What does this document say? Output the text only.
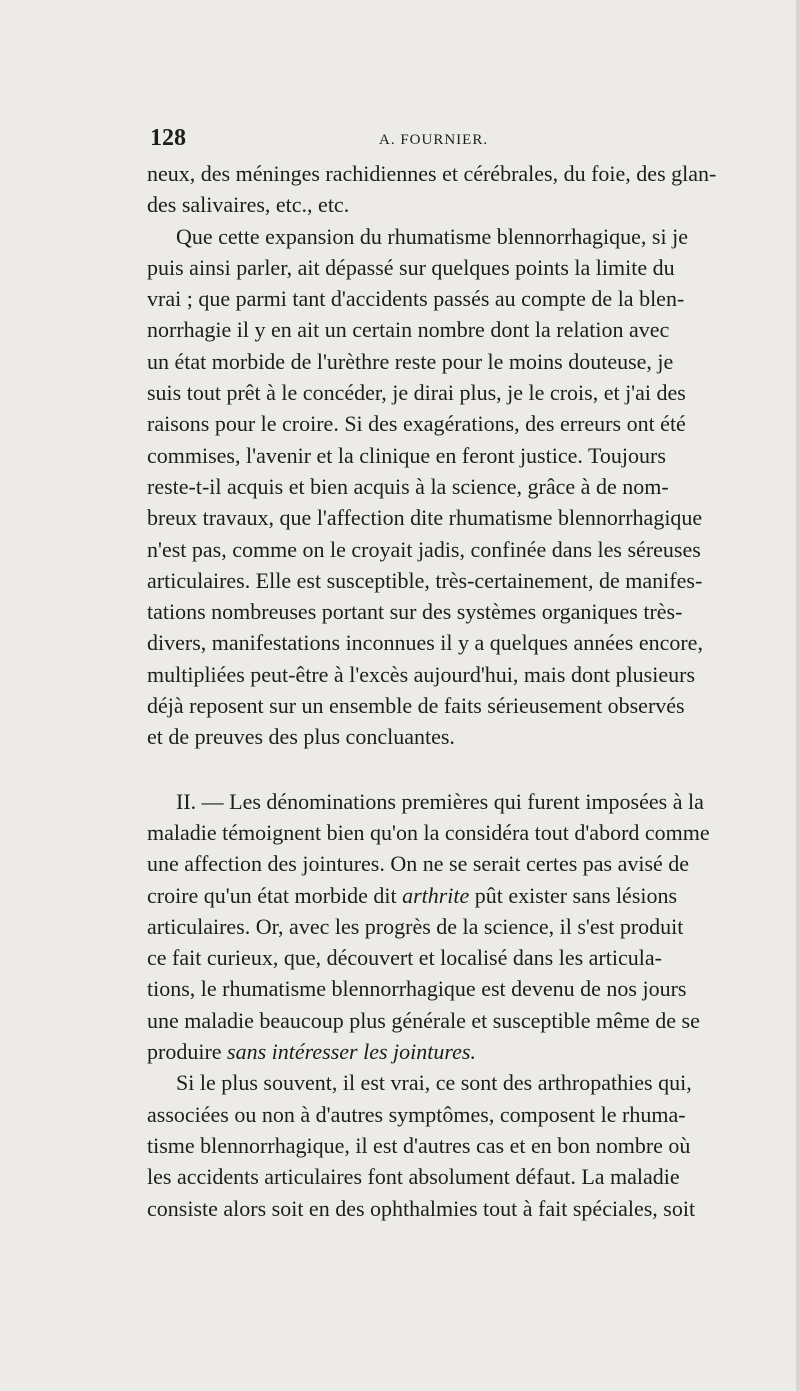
128	A. FOURNIER.
neux, des méninges rachidiennes et cérébrales, du foie, des glan-
des salivaires, etc., etc.
Que cette expansion du rhumatisme blennorrhagique, si je
puis ainsi parler, ait dépassé sur quelques points la limite du
vrai ; que parmi tant d'accidents passés au compte de la blen-
norrhagie il y en ait un certain nombre dont la relation avec
un état morbide de l'urèthre reste pour le moins douteuse, je
suis tout prêt à le concéder, je dirai plus, je le crois, et j'ai des
raisons pour le croire. Si des exagérations, des erreurs ont été
commises, l'avenir et la clinique en feront justice. Toujours
reste-t-il acquis et bien acquis à la science, grâce à de nom-
breux travaux, que l'affection dite rhumatisme blennorrhagique
n'est pas, comme on le croyait jadis, confinée dans les séreuses
articulaires. Elle est susceptible, très-certainement, de manifes-
tations nombreuses portant sur des systèmes organiques très-
divers, manifestations inconnues il y a quelques années encore,
multipliées peut-être à l'excès aujourd'hui, mais dont plusieurs
déjà reposent sur un ensemble de faits sérieusement observés
et de preuves des plus concluantes.
II. — Les dénominations premières qui furent imposées à la
maladie témoignent bien qu'on la considéra tout d'abord comme
une affection des jointures. On ne se serait certes pas avisé de
croire qu'un état morbide dit arthrite pût exister sans lésions
articulaires. Or, avec les progrès de la science, il s'est produit
ce fait curieux, que, découvert et localisé dans les articula-
tions, le rhumatisme blennorrhagique est devenu de nos jours
une maladie beaucoup plus générale et susceptible même de se
produire sans intéresser les jointures.
Si le plus souvent, il est vrai, ce sont des arthropathies qui,
associées ou non à d'autres symptômes, composent le rhuma-
tisme blennorrhagique, il est d'autres cas et en bon nombre où
les accidents articulaires font absolument défaut. La maladie
consiste alors soit en des ophthalmies tout à fait spéciales, soit
